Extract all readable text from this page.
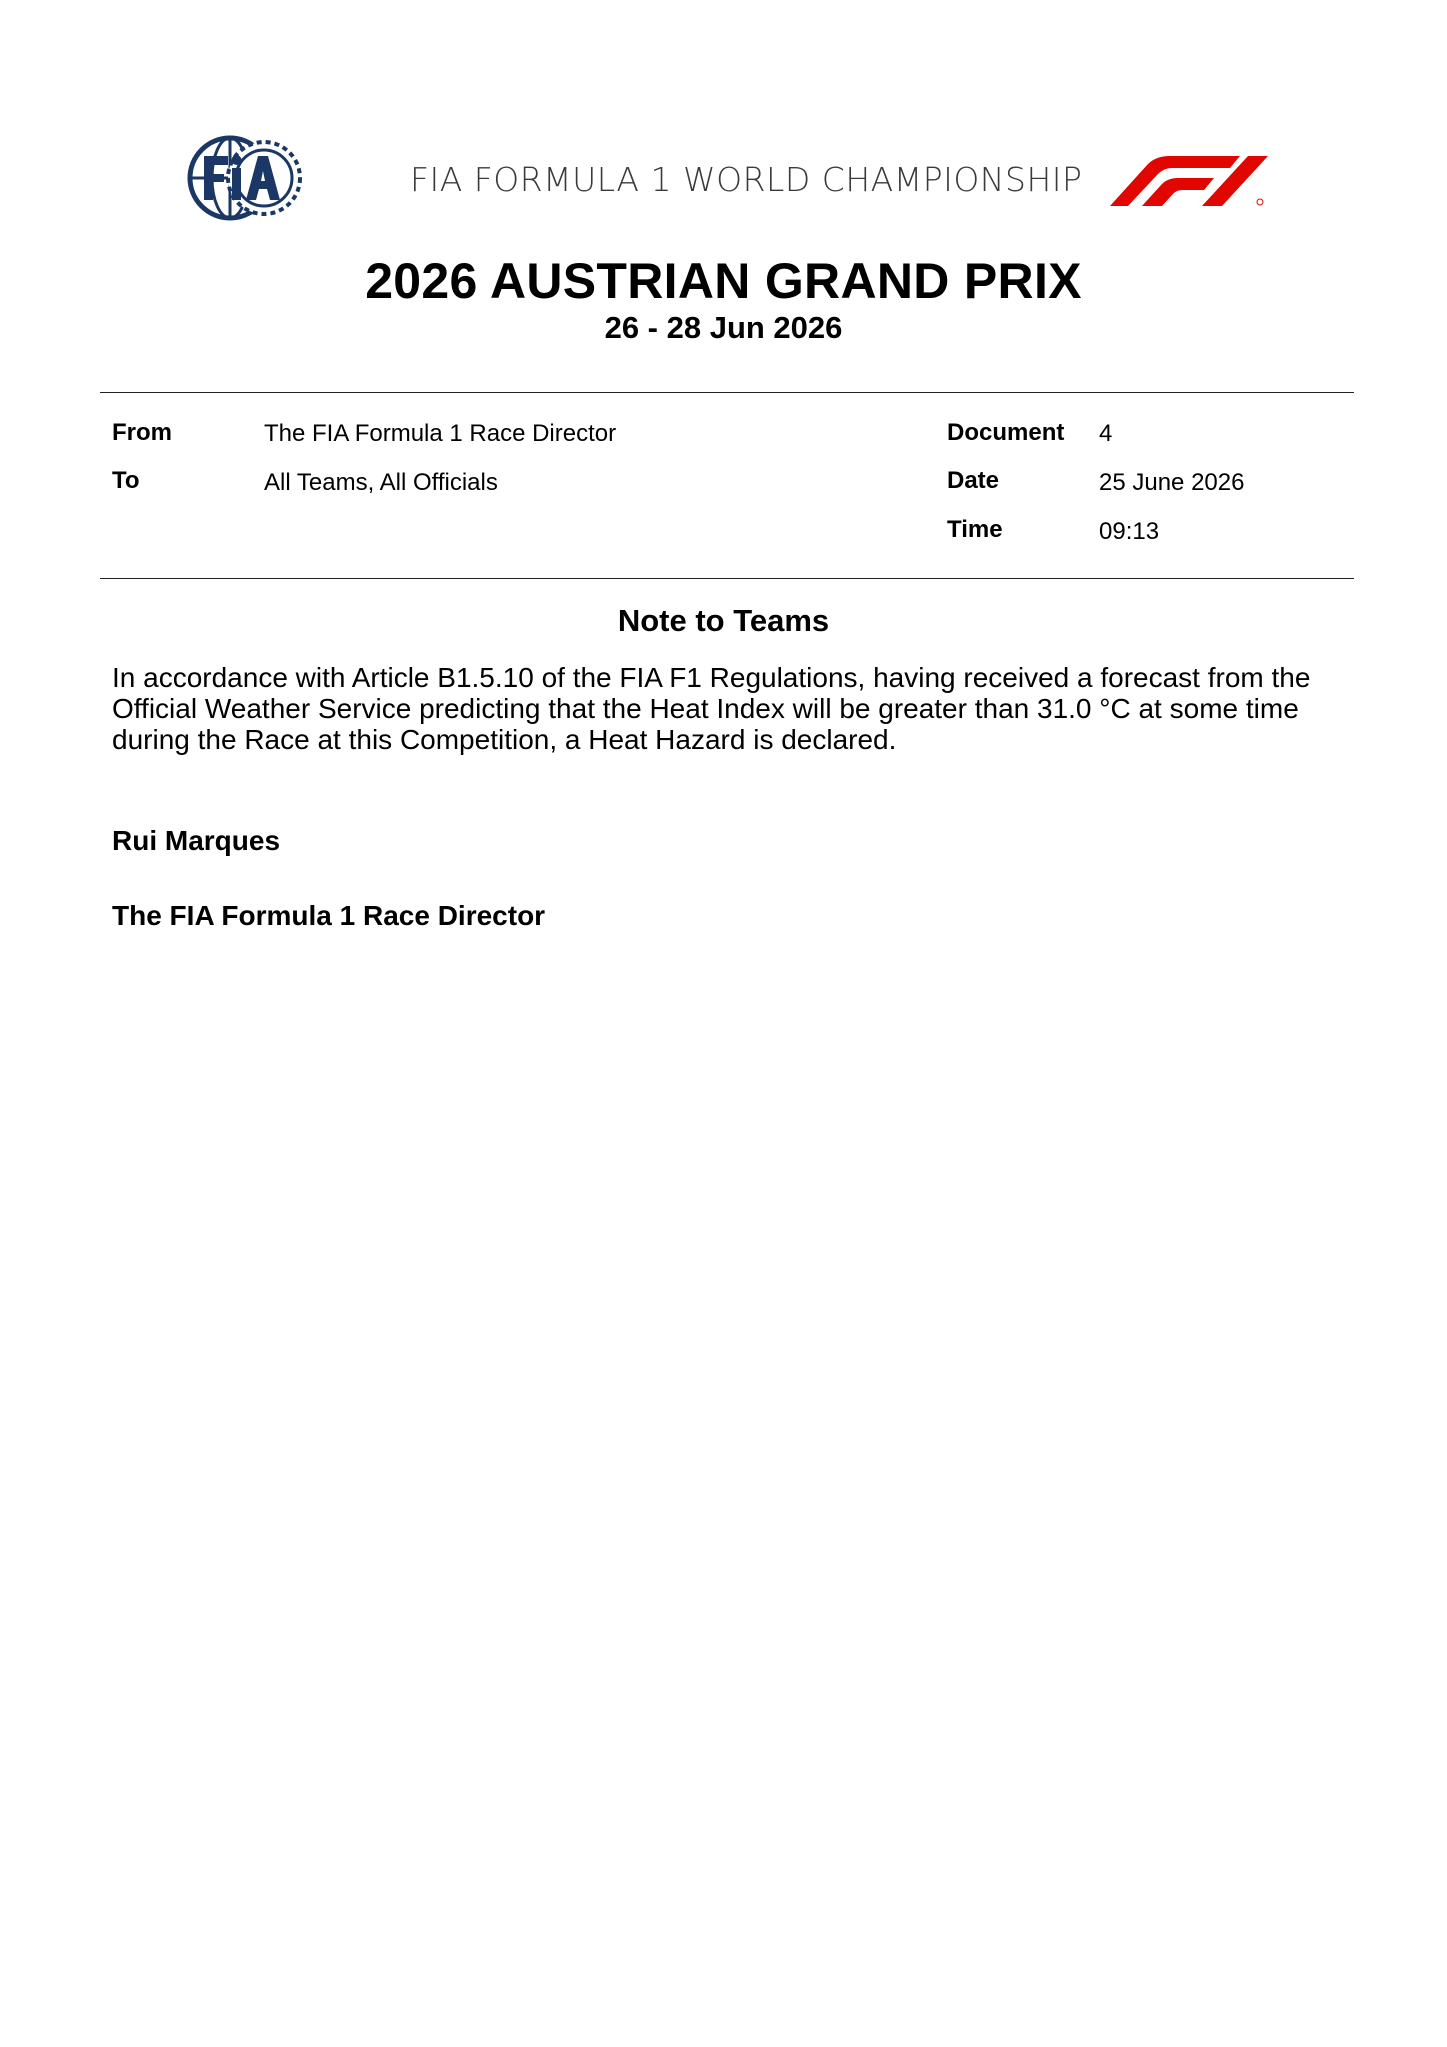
FIA FORMULA 1 WORLD CHAMPIONSHIP
2026 AUSTRIAN GRAND PRIX
26 - 28 Jun 2026
From	The FIA Formula 1 Race Director
To	All Teams, All Officials
Document 4
Date	25 June 2026
Time	09:13
Note to Teams
In accordance with Article B1.5.10 of the FIA F1 Regulations, having received a forecast from the
Official Weather Service predicting that the Heat Index will be greater than 31.0 °C at some time
during the Race at this Competition, a Heat Hazard is declared.
Rui Marques
The FIA Formula 1 Race Director
